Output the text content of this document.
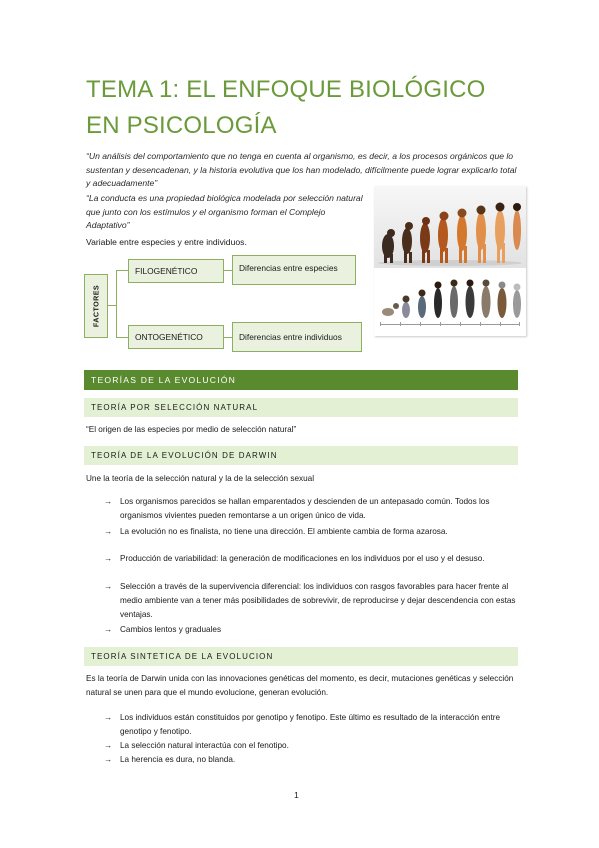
TEMA 1: EL ENFOQUE BIOLÓGICO EN PSICOLOGÍA
“Un análisis del comportamiento que no tenga en cuenta al organismo, es decir, a los procesos orgánicos que lo sustentan y desencadenan, y la historia evolutiva que los han modelado, difícilmente puede lograr explicarlo total y adecuadamente”
“La conducta es una propiedad biológica modelada por selección natural que junto con los estímulos y el organismo forman el Complejo Adaptativo”
Variable entre especies y entre individuos.
FACTORES
FILOGENÉTICO	Diferencias entre especies
ONTOGENÉTICO	Diferencias entre individuos
TEORÍAS DE LA EVOLUCIÓN
TEORÍA POR SELECCIÓN NATURAL
“El origen de las especies por medio de selección natural”
TEORÍA DE LA EVOLUCIÓN DE DARWIN
Une la teoría de la selección natural y la de la selección sexual
→ Los organismos parecidos se hallan emparentados y descienden de un antepasado común. Todos los organismos vivientes pueden remontarse a un origen único de vida.
→ La evolución no es finalista, no tiene una dirección. El ambiente cambia de forma azarosa.
→ Producción de variabilidad: la generación de modificaciones en los individuos por el uso y el desuso.
→ Selección a través de la supervivencia diferencial: los individuos con rasgos favorables para hacer frente al medio ambiente van a tener más posibilidades de sobrevivir, de reproducirse y dejar descendencia con estas ventajas.
→ Cambios lentos y graduales
TEORÍA SINTETICA DE LA EVOLUCION
Es la teoría de Darwin unida con las innovaciones genéticas del momento, es decir, mutaciones genéticas y selección natural se unen para que el mundo evolucione, generan evolución.
→ Los individuos están constituidos por genotipo y fenotipo. Este último es resultado de la interacción entre genotipo y fenotipo.
→ La selección natural interactúa con el fenotipo.
→ La herencia es dura, no blanda.
1
